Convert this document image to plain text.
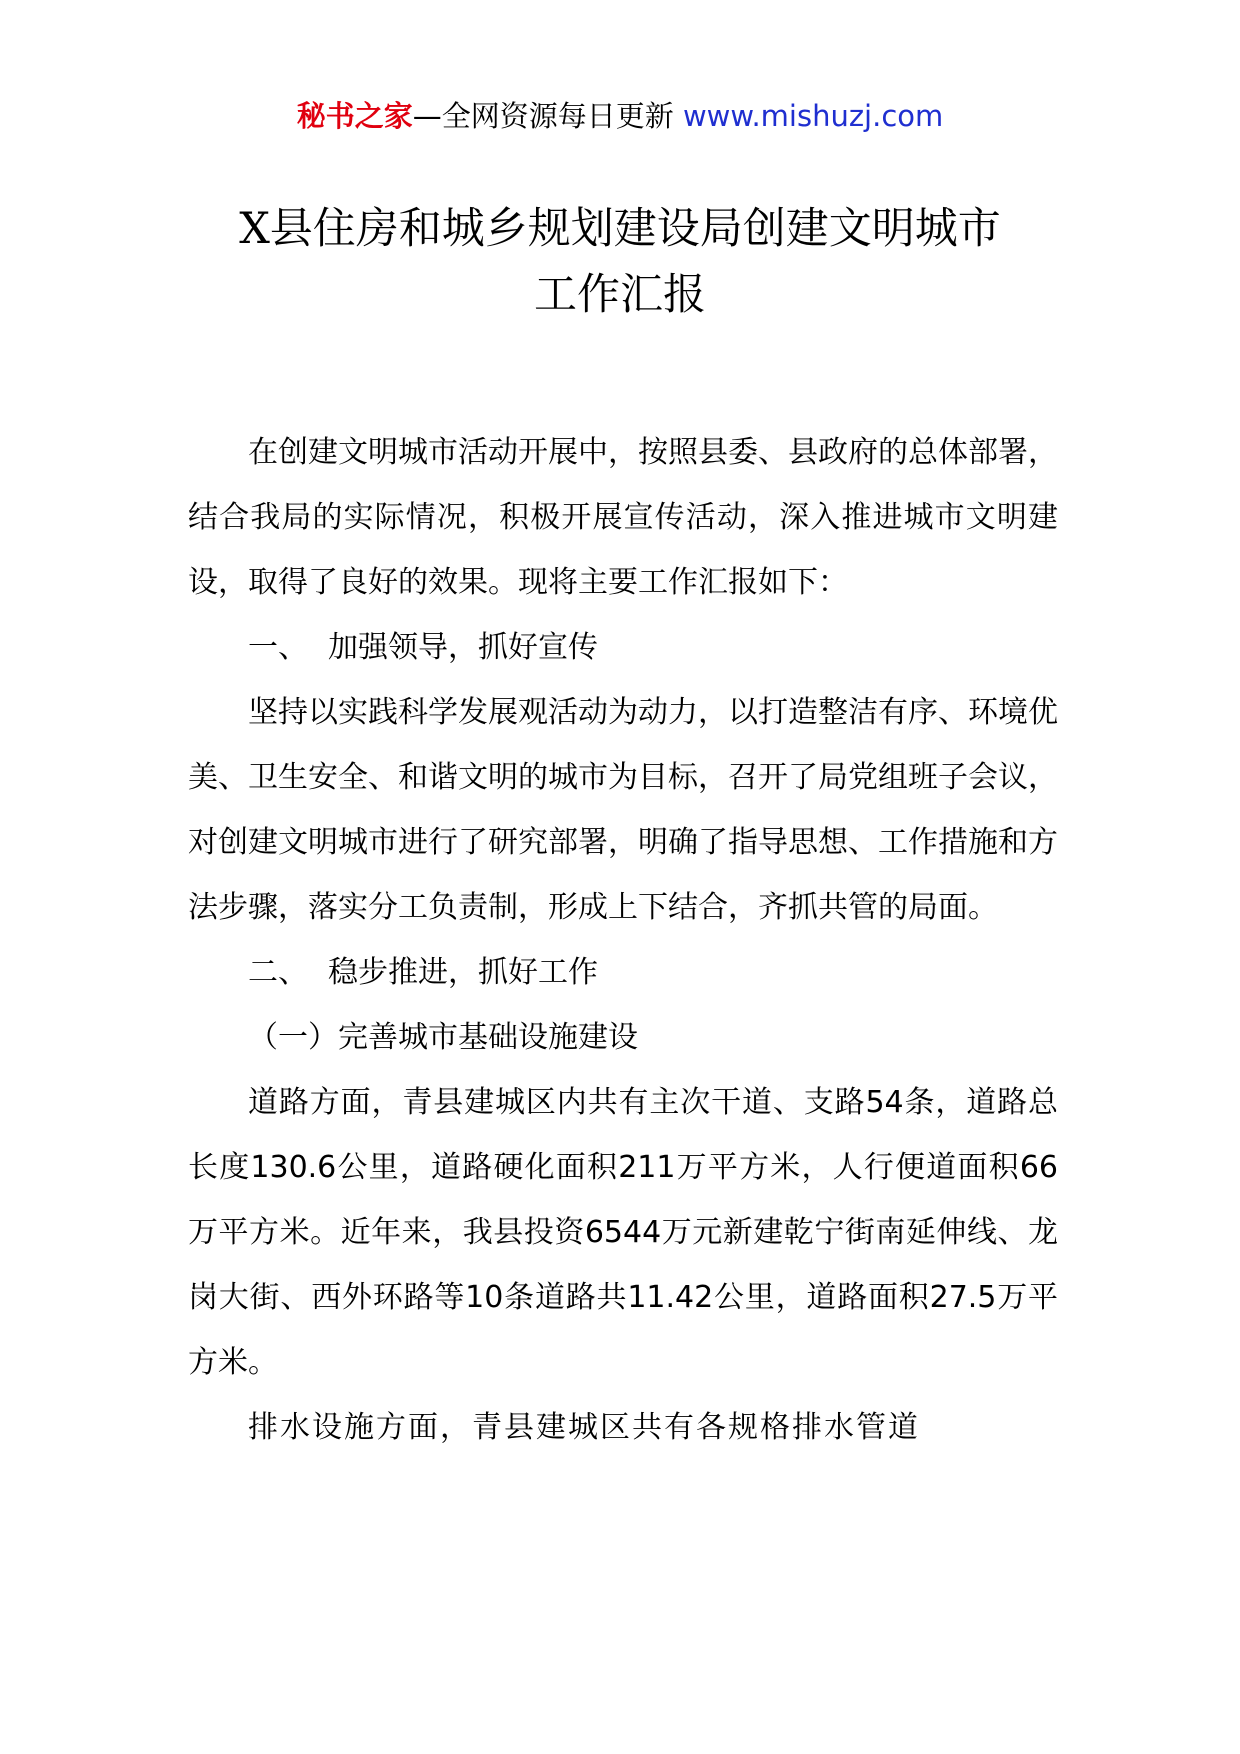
秘书之家—全网资源每日更新 www.mishuzj.com
X县住房和城乡规划建设局创建文明城市
工作汇报

在创建文明城市活动开展中，按照县委、县政府的总体部署，结合我局的实际情况，积极开展宣传活动，深入推进城市文明建设，取得了良好的效果。现将主要工作汇报如下：

一、 加强领导，抓好宣传

坚持以实践科学发展观活动为动力，以打造整洁有序、环境优美、卫生安全、和谐文明的城市为目标，召开了局党组班子会议，对创建文明城市进行了研究部署，明确了指导思想、工作措施和方法步骤，落实分工负责制，形成上下结合，齐抓共管的局面。

二、 稳步推进，抓好工作

（一）完善城市基础设施建设

道路方面，青县建城区内共有主次干道、支路54条，道路总长度130.6公里，道路硬化面积211万平方米，人行便道面积66万平方米。近年来，我县投资6544万元新建乾宁街南延伸线、龙岗大街、西外环路等10条道路共11.42公里，道路面积27.5万平方米。

排水设施方面，青县建城区共有各规格排水管道
